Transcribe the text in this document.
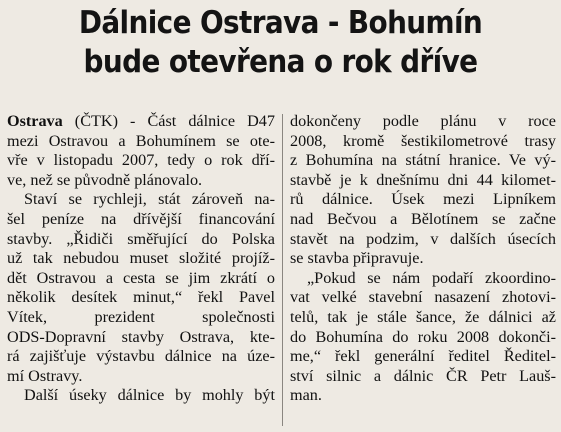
Dálnice Ostrava - Bohumín
bude otevřena o rok dříve
Ostrava (ČTK) - Část dálnice D47
mezi Ostravou a Bohumínem se ote-
vře v listopadu 2007, tedy o rok dří-
ve, než se původně plánovalo.
Staví se rychleji, stát zároveň na-
šel peníze na dřívější financování
stavby. „Řidiči směřující do Polska
už tak nebudou muset složité projíž-
dět Ostravou a cesta se jim zkrátí o
několik desítek minut,“ řekl Pavel
Vítek, prezident společnosti
ODS-Dopravní stavby Ostrava, kte-
rá zajišťuje výstavbu dálnice na úze-
mí Ostravy.
Další úseky dálnice by mohly být
dokončeny podle plánu v roce
2008, kromě šestikilometrové trasy
z Bohumína na státní hranice. Ve vý-
stavbě je k dnešnímu dni 44 kilomet-
rů dálnice. Úsek mezi Lipníkem
nad Bečvou a Bělotínem se začne
stavět na podzim, v dalších úsecích
se stavba připravuje.
„Pokud se nám podaří zkoordino-
vat velké stavební nasazení zhotovi-
telů, tak je stále šance, že dálnici až
do Bohumína do roku 2008 dokonči-
me,“ řekl generální ředitel Ředitel-
ství silnic a dálnic ČR Petr Lauš-
man.
